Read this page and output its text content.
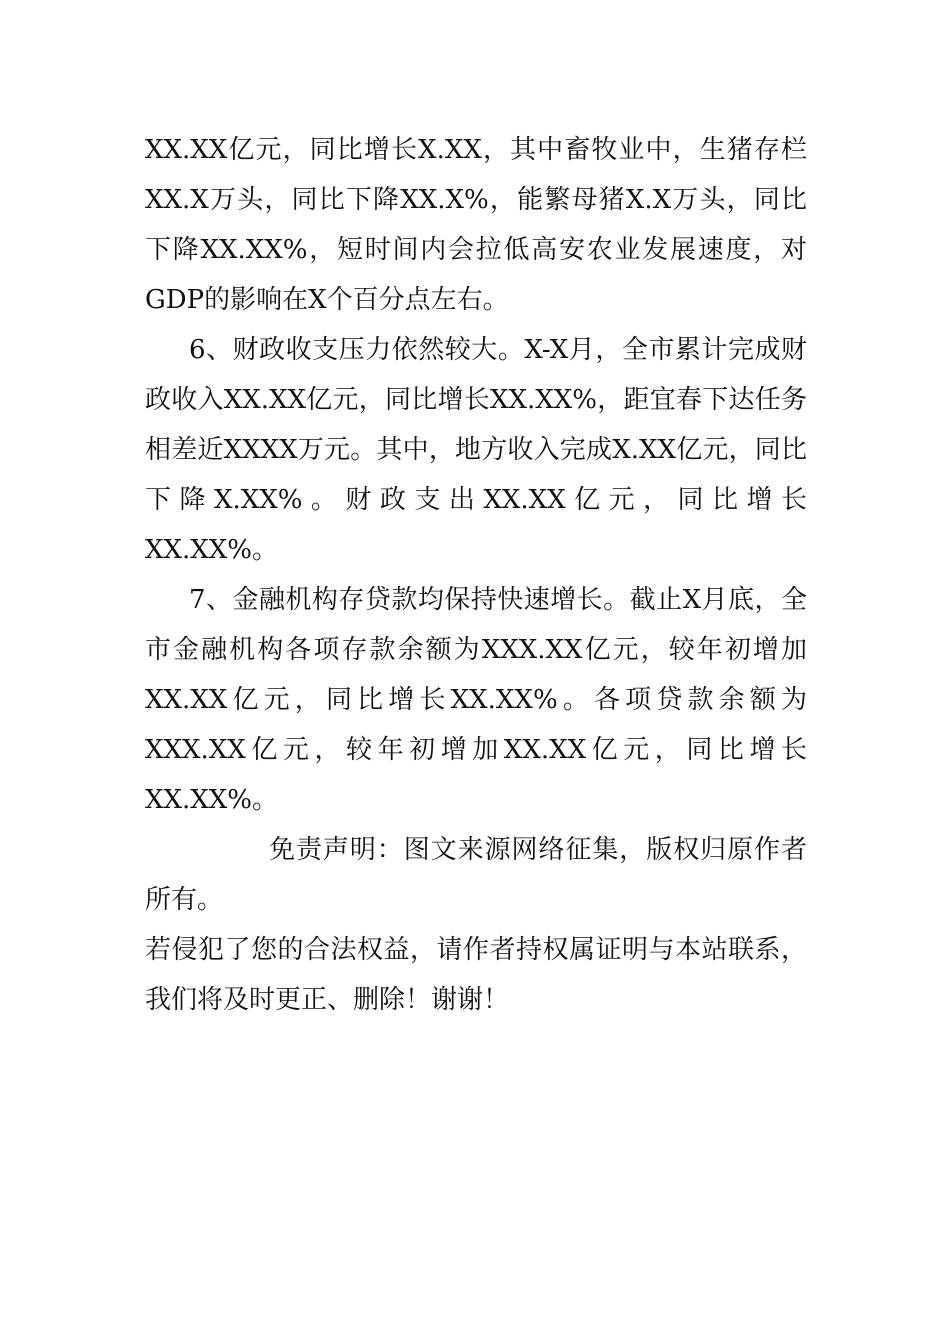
XX.XX亿元，同比增长X.XX，其中畜牧业中，生猪存栏XX.X万头，同比下降XX.X%，能繁母猪X.X万头，同比下降XX.XX%，短时间内会拉低高安农业发展速度，对GDP的影响在X个百分点左右。

6、财政收支压力依然较大。X-X月，全市累计完成财政收入XX.XX亿元，同比增长XX.XX%，距宜春下达任务相差近XXXX万元。其中，地方收入完成X.XX亿元，同比下降X.XX%。财政支出XX.XX亿元，同比增长XX.XX%。

7、金融机构存贷款均保持快速增长。截止X月底，全市金融机构各项存款余额为XXX.XX亿元，较年初增加XX.XX亿元，同比增长XX.XX%。各项贷款余额为XXX.XX亿元，较年初增加XX.XX亿元，同比增长XX.XX%。

免责声明：图文来源网络征集，版权归原作者所有。

若侵犯了您的合法权益，请作者持权属证明与本站联系，我们将及时更正、删除！谢谢！
